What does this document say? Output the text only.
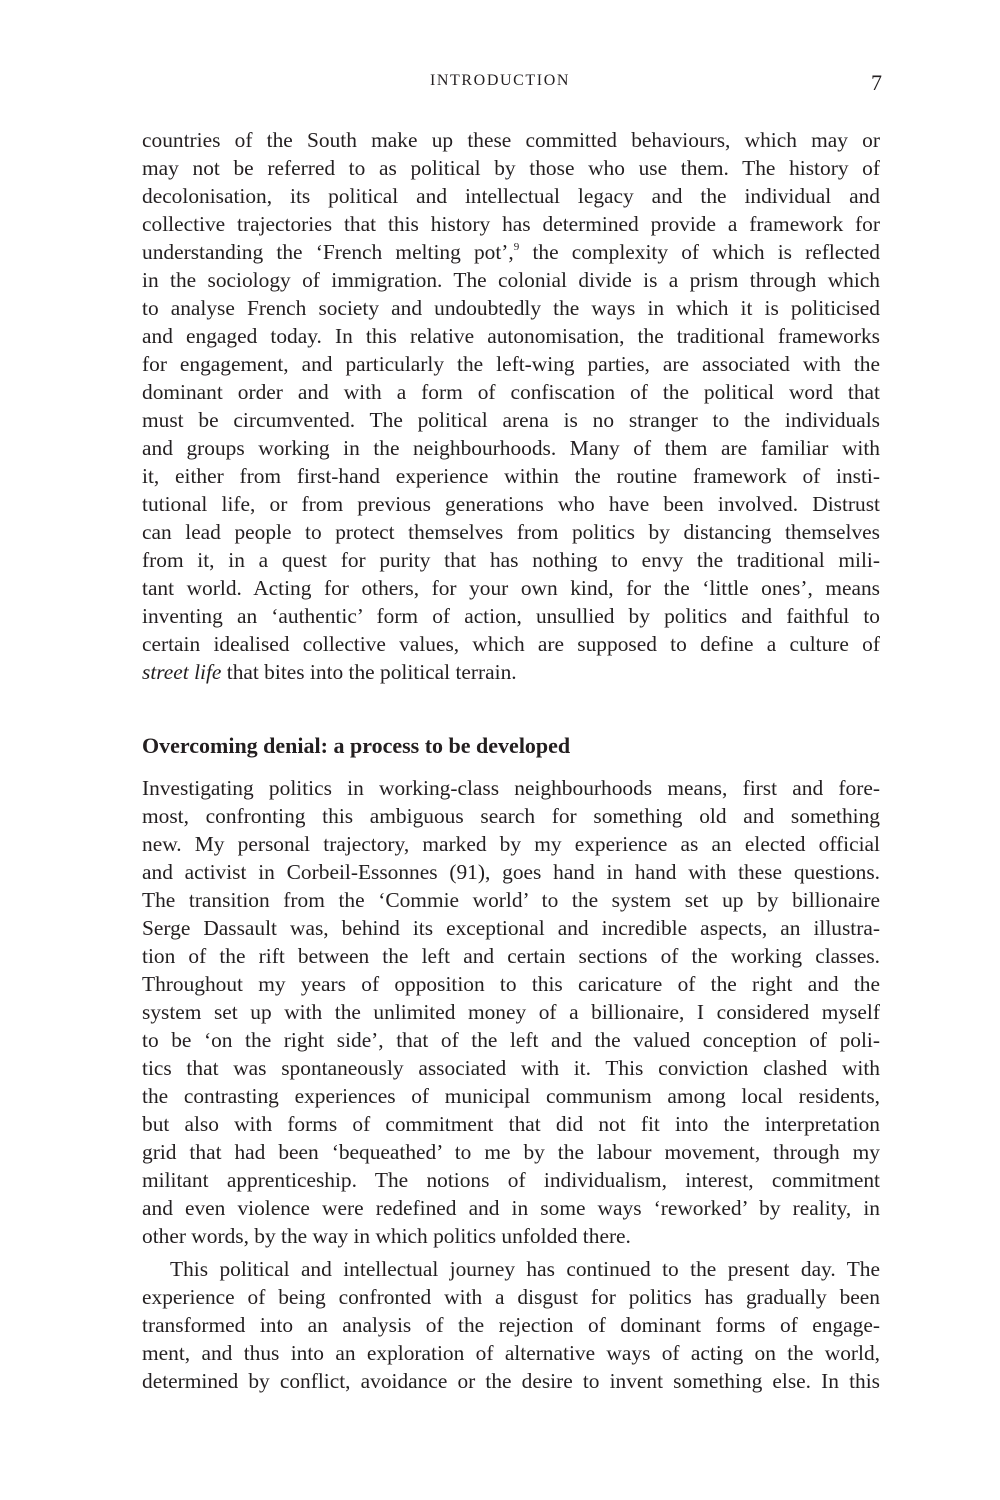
INTRODUCTION	7
countries of the South make up these committed behaviours, which may or
may not be referred to as political by those who use them. The history of
decolonisation, its political and intellectual legacy and the individual and
collective trajectories that this history has determined provide a framework for
understanding the ‘French melting pot’,$^9$ the complexity of which is reflected
in the sociology of immigration. The colonial divide is a prism through which
to analyse French society and undoubtedly the ways in which it is politicised
and engaged today. In this relative autonomisation, the traditional frameworks
for engagement, and particularly the left-wing parties, are associated with the
dominant order and with a form of confiscation of the political word that
must be circumvented. The political arena is no stranger to the individuals
and groups working in the neighbourhoods. Many of them are familiar with
it, either from first-hand experience within the routine framework of insti-
tutional life, or from previous generations who have been involved. Distrust
can lead people to protect themselves from politics by distancing themselves
from it, in a quest for purity that has nothing to envy the traditional mili-
tant world. Acting for others, for your own kind, for the ‘little ones’, means
inventing an ‘authentic’ form of action, unsullied by politics and faithful to
certain idealised collective values, which are supposed to define a culture of
street life that bites into the political terrain.
Overcoming denial: a process to be developed
Investigating politics in working-class neighbourhoods means, first and fore-
most, confronting this ambiguous search for something old and something
new. My personal trajectory, marked by my experience as an elected official
and activist in Corbeil-Essonnes (91), goes hand in hand with these questions.
The transition from the ‘Commie world’ to the system set up by billionaire
Serge Dassault was, behind its exceptional and incredible aspects, an illustra-
tion of the rift between the left and certain sections of the working classes.
Throughout my years of opposition to this caricature of the right and the
system set up with the unlimited money of a billionaire, I considered myself
to be ‘on the right side’, that of the left and the valued conception of poli-
tics that was spontaneously associated with it. This conviction clashed with
the contrasting experiences of municipal communism among local residents,
but also with forms of commitment that did not fit into the interpretation
grid that had been ‘bequeathed’ to me by the labour movement, through my
militant apprenticeship. The notions of individualism, interest, commitment
and even violence were redefined and in some ways ‘reworked’ by reality, in
other words, by the way in which politics unfolded there.
This political and intellectual journey has continued to the present day. The
experience of being confronted with a disgust for politics has gradually been
transformed into an analysis of the rejection of dominant forms of engage-
ment, and thus into an exploration of alternative ways of acting on the world,
determined by conflict, avoidance or the desire to invent something else. In this
